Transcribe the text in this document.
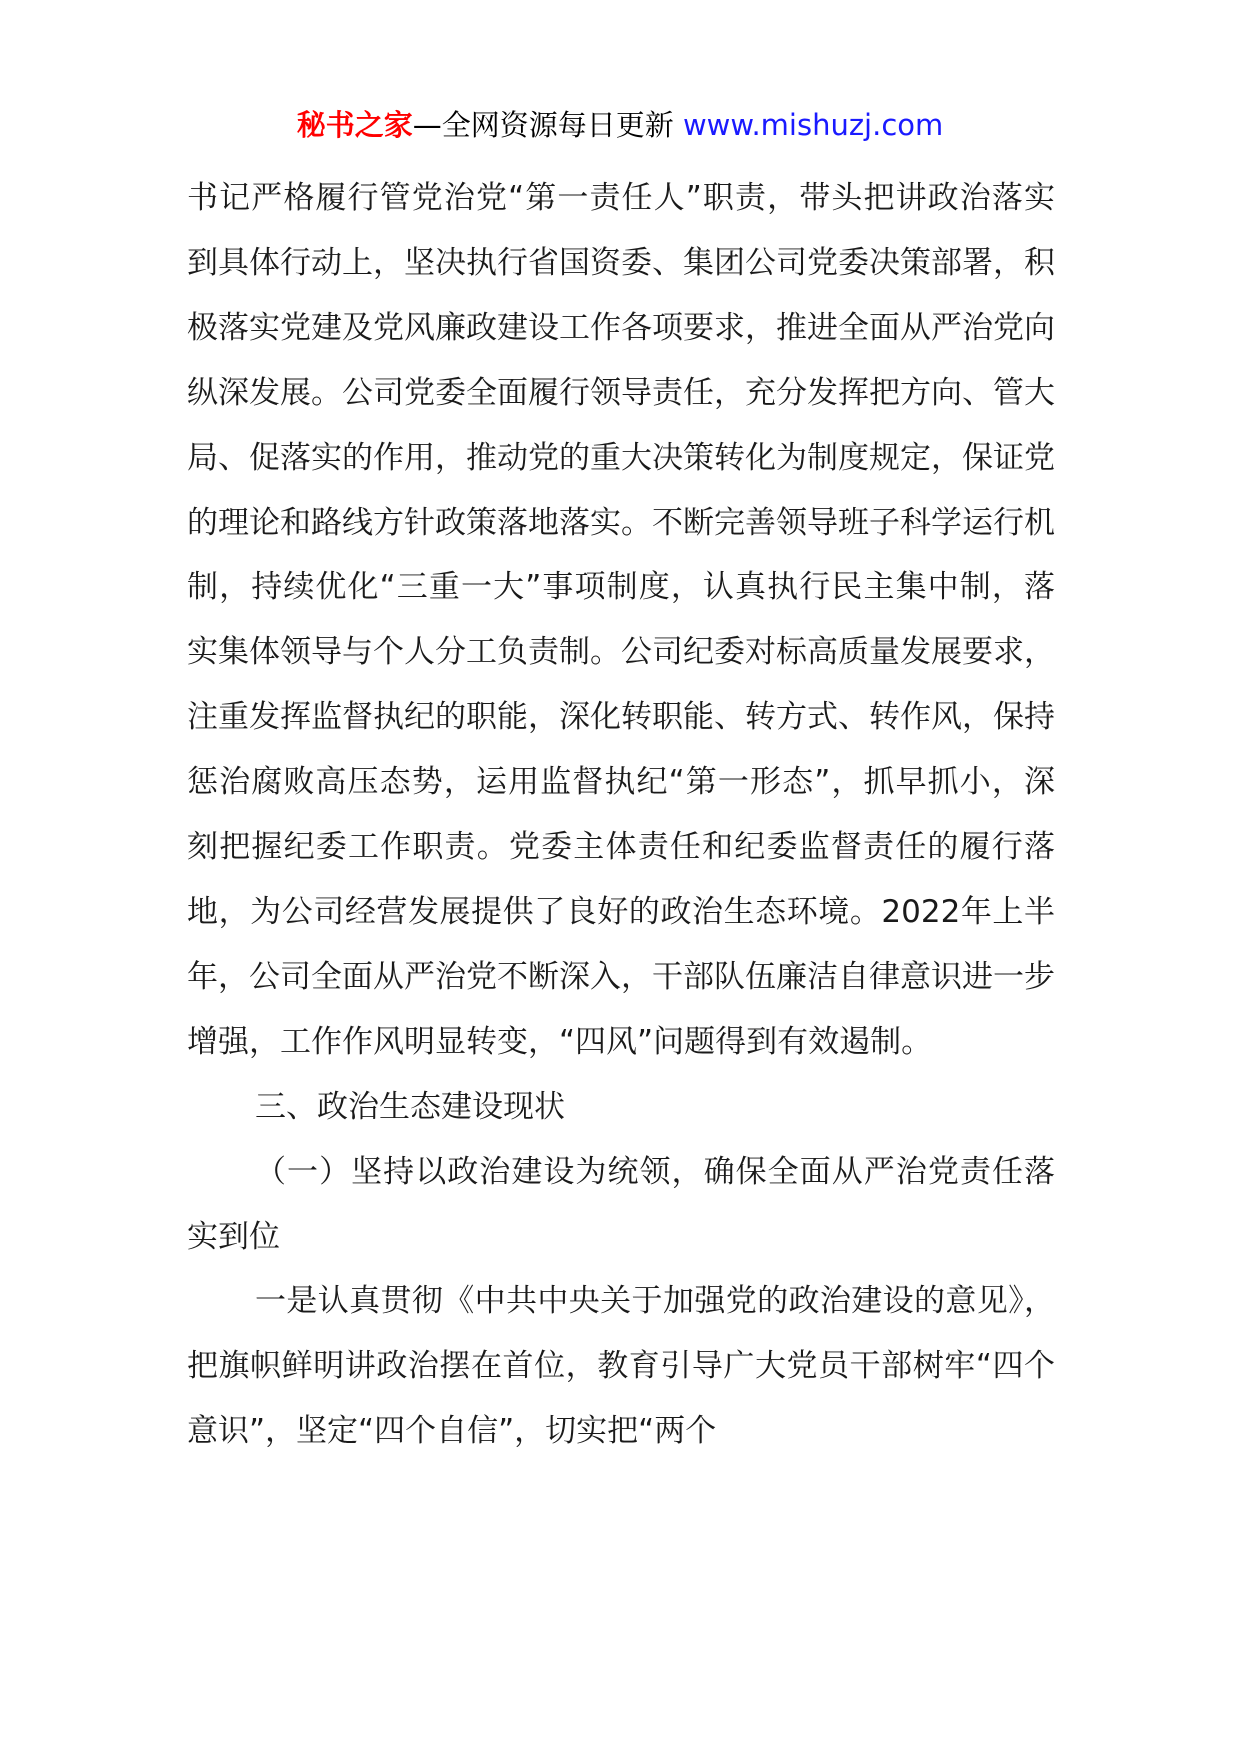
秘书之家—全网资源每日更新 www.mishuzj.com

书记严格履行管党治党“第一责任人”职责，带头把讲政治落实到具体行动上，坚决执行省国资委、集团公司党委决策部署，积极落实党建及党风廉政建设工作各项要求，推进全面从严治党向纵深发展。公司党委全面履行领导责任，充分发挥把方向、管大局、促落实的作用，推动党的重大决策转化为制度规定，保证党的理论和路线方针政策落地落实。不断完善领导班子科学运行机制，持续优化“三重一大”事项制度，认真执行民主集中制，落实集体领导与个人分工负责制。公司纪委对标高质量发展要求，注重发挥监督执纪的职能，深化转职能、转方式、转作风，保持惩治腐败高压态势，运用监督执纪“第一形态”，抓早抓小，深刻把握纪委工作职责。党委主体责任和纪委监督责任的履行落地，为公司经营发展提供了良好的政治生态环境。2022年上半年，公司全面从严治党不断深入，干部队伍廉洁自律意识进一步增强，工作作风明显转变，“四风”问题得到有效遏制。

三、政治生态建设现状

（一）坚持以政治建设为统领，确保全面从严治党责任落实到位

一是认真贯彻《中共中央关于加强党的政治建设的意见》，把旗帜鲜明讲政治摆在首位，教育引导广大党员干部树牢“四个意识”，坚定“四个自信”，切实把“两个
